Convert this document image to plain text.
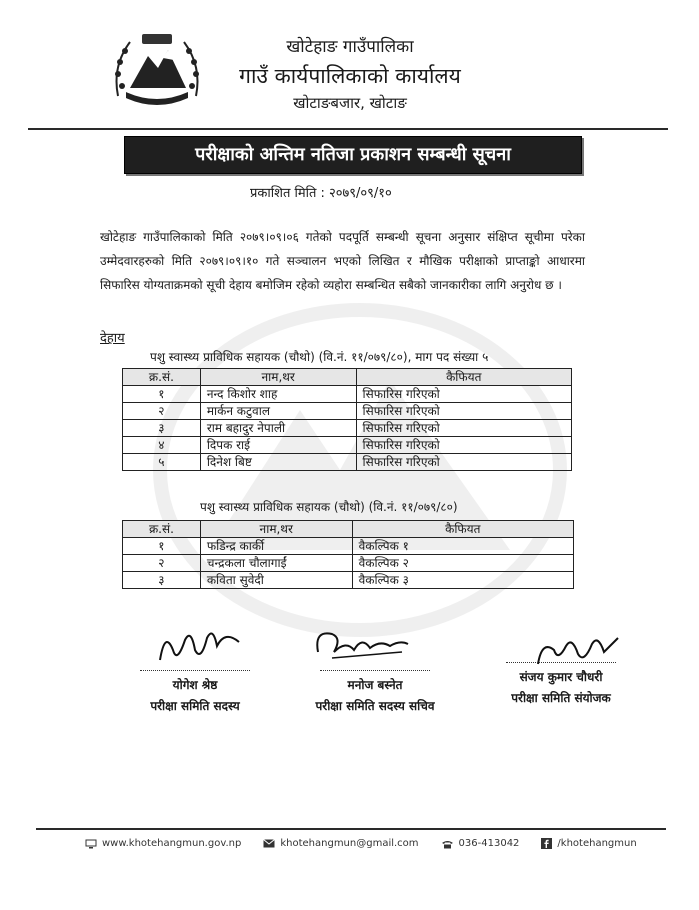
खोटेहाङ गाउँपालिका
गाउँ कार्यपालिकाको कार्यालय
खोटाङबजार, खोटाङ
परीक्षाको अन्तिम नतिजा प्रकाशन सम्बन्धी सूचना
प्रकाशित मिति : २०७९/०९/१०
खोटेहाङ गाउँपालिकाको मिति २०७९।०९।०६ गतेको पदपूर्ति सम्बन्धी सूचना अनुसार संक्षिप्त सूचीमा परेका उम्मेदवारहरुको मिति २०७९।०९।१० गते सञ्चालन भएको लिखित र मौखिक परीक्षाको प्राप्ताङ्को आधारमा सिफारिस योग्यताक्रमको सूची देहाय बमोजिम रहेको व्यहोरा सम्बन्धित सबैको जानकारीका लागि अनुरोध छ ।
देहाय
पशु स्वास्थ्य प्राविधिक सहायक (चौथो) (वि.नं. ११/०७९/८०), माग पद संख्या ५
क्र.सं.	नाम,थर	कैफियत
१	नन्द किशोर शाह	सिफारिस गरिएको
२	मार्कन कटुवाल	सिफारिस गरिएको
३	राम बहादुर नेपाली	सिफारिस गरिएको
४	दिपक राई	सिफारिस गरिएको
५	दिनेश बिष्ट	सिफारिस गरिएको
पशु स्वास्थ्य प्राविधिक सहायक (चौथो) (वि.नं. ११/०७९/८०)
क्र.सं.	नाम,थर	कैफियत
१	फडिन्द्र कार्की	वैकल्पिक १
२	चन्द्रकला चौलागाईं	वैकल्पिक २
३	कविता सुवेदी	वैकल्पिक ३
योगेश श्रेष्ठ
परीक्षा समिति सदस्य
मनोज बस्नेत
परीक्षा समिति सदस्य सचिव
संजय कुमार चौधरी
परीक्षा समिति संयोजक
www.khotehangmun.gov.np	khotehangmun@gmail.com	036-413042	/khotehangmun
